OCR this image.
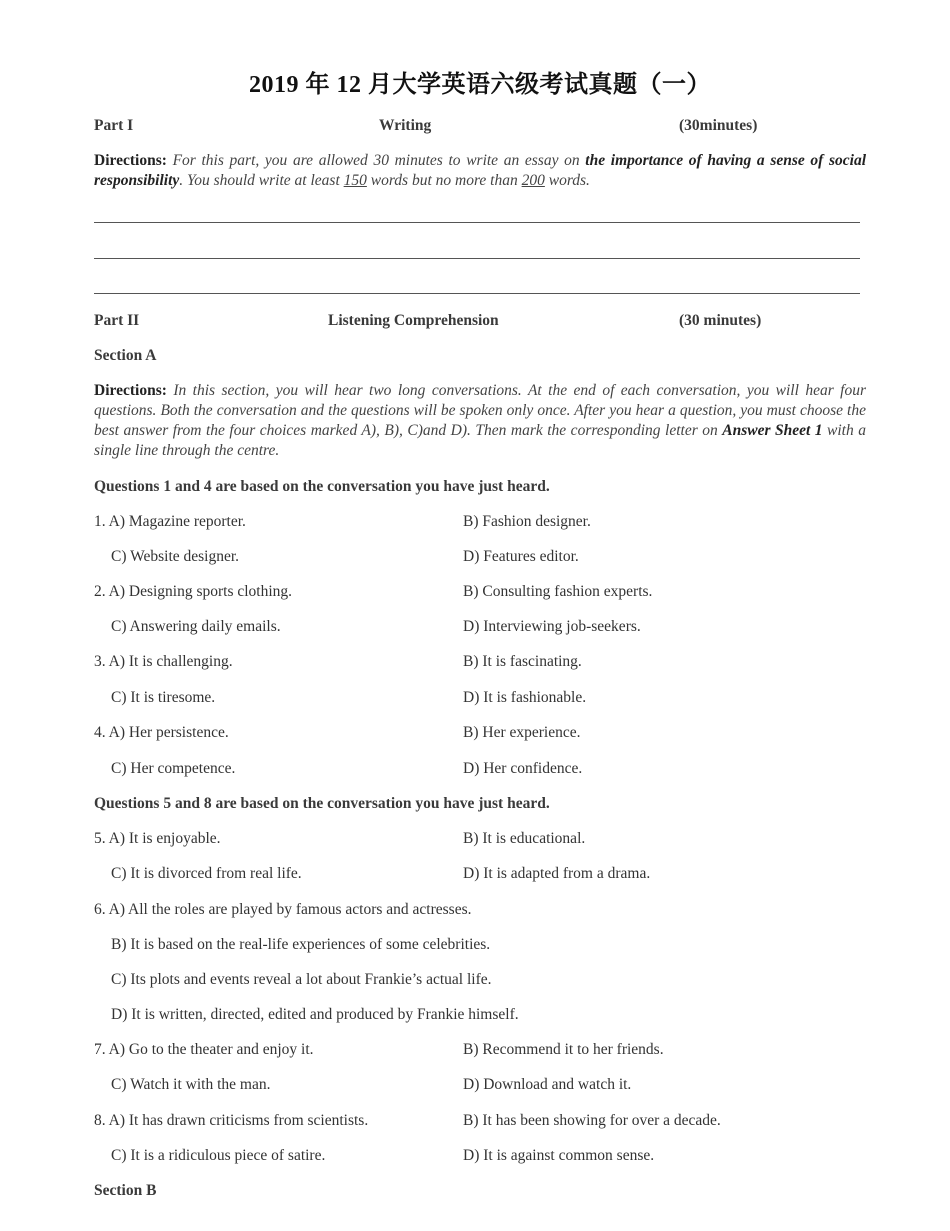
2019 年 12 月大学英语六级考试真题（一）
Part I	Writing	(30minutes)
Directions: For this part, you are allowed 30 minutes to write an essay on the importance of having a sense of social responsibility. You should write at least 150 words but no more than 200 words.
Part II	Listening Comprehension	(30 minutes)
Section A
Directions: In this section, you will hear two long conversations. At the end of each conversation, you will hear four questions. Both the conversation and the questions will be spoken only once. After you hear a question, you must choose the best answer from the four choices marked A), B), C)and D). Then mark the corresponding letter on Answer Sheet 1 with a single line through the centre.
Questions 1 and 4 are based on the conversation you have just heard.
1. A) Magazine reporter.	B) Fashion designer.
C) Website designer.	D) Features editor.
2. A) Designing sports clothing.	B) Consulting fashion experts.
C) Answering daily emails.	D) Interviewing job-seekers.
3. A) It is challenging.	B) It is fascinating.
C) It is tiresome.	D) It is fashionable.
4. A) Her persistence.	B) Her experience.
C) Her competence.	D) Her confidence.
Questions 5 and 8 are based on the conversation you have just heard.
5. A) It is enjoyable.	B) It is educational.
C) It is divorced from real life.	D) It is adapted from a drama.
6. A) All the roles are played by famous actors and actresses.
B) It is based on the real-life experiences of some celebrities.
C) Its plots and events reveal a lot about Frankie’s actual life.
D) It is written, directed, edited and produced by Frankie himself.
7. A) Go to the theater and enjoy it.	B) Recommend it to her friends.
C) Watch it with the man.	D) Download and watch it.
8. A) It has drawn criticisms from scientists.	B) It has been showing for over a decade.
C) It is a ridiculous piece of satire.	D) It is against common sense.
Section B
